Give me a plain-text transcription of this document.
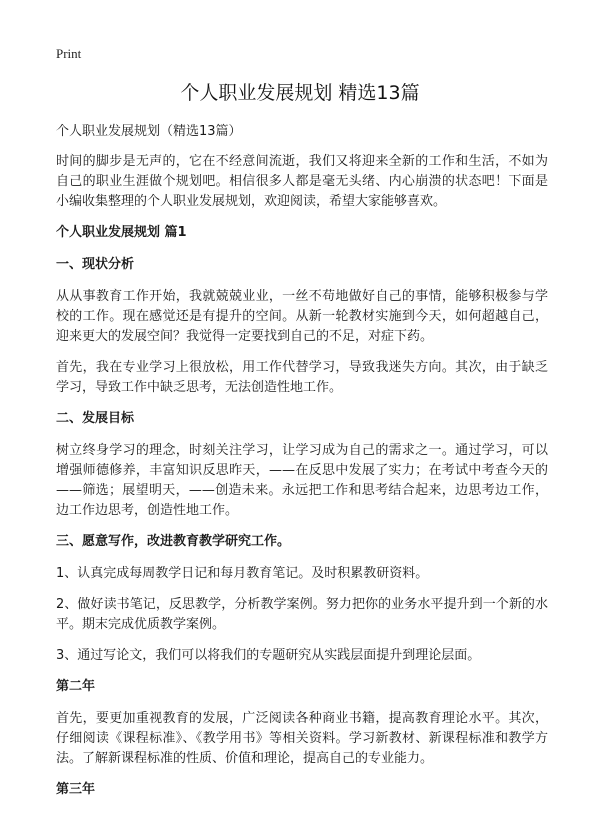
Print
个人职业发展规划 精选13篇

个人职业发展规划（精选13篇）

时间的脚步是无声的，它在不经意间流逝，我们又将迎来全新的工作和生活，不如为自己的职业生涯做个规划吧。相信很多人都是毫无头绪、内心崩溃的状态吧！下面是小编收集整理的个人职业发展规划，欢迎阅读，希望大家能够喜欢。

个人职业发展规划 篇1

一、现状分析

从从事教育工作开始，我就兢兢业业，一丝不苟地做好自己的事情，能够积极参与学校的工作。现在感觉还是有提升的空间。从新一轮教材实施到今天，如何超越自己，迎来更大的发展空间？我觉得一定要找到自己的不足，对症下药。

首先，我在专业学习上很放松，用工作代替学习，导致我迷失方向。其次，由于缺乏学习，导致工作中缺乏思考，无法创造性地工作。

二、发展目标

树立终身学习的理念，时刻关注学习，让学习成为自己的需求之一。通过学习，可以增强师德修养，丰富知识反思昨天，——在反思中发展了实力；在考试中考查今天的——筛选；展望明天，——创造未来。永远把工作和思考结合起来，边思考边工作，边工作边思考，创造性地工作。

三、愿意写作，改进教育教学研究工作。

1、认真完成每周教学日记和每月教育笔记。及时积累教研资料。

2、做好读书笔记，反思教学，分析教学案例。努力把你的业务水平提升到一个新的水平。期末完成优质教学案例。

3、通过写论文，我们可以将我们的专题研究从实践层面提升到理论层面。

第二年

首先，要更加重视教育的发展，广泛阅读各种商业书籍，提高教育理论水平。其次，仔细阅读《课程标准》、《教学用书》等相关资料。学习新教材、新课程标准和教学方法。了解新课程标准的性质、价值和理论，提高自己的专业能力。

第三年
